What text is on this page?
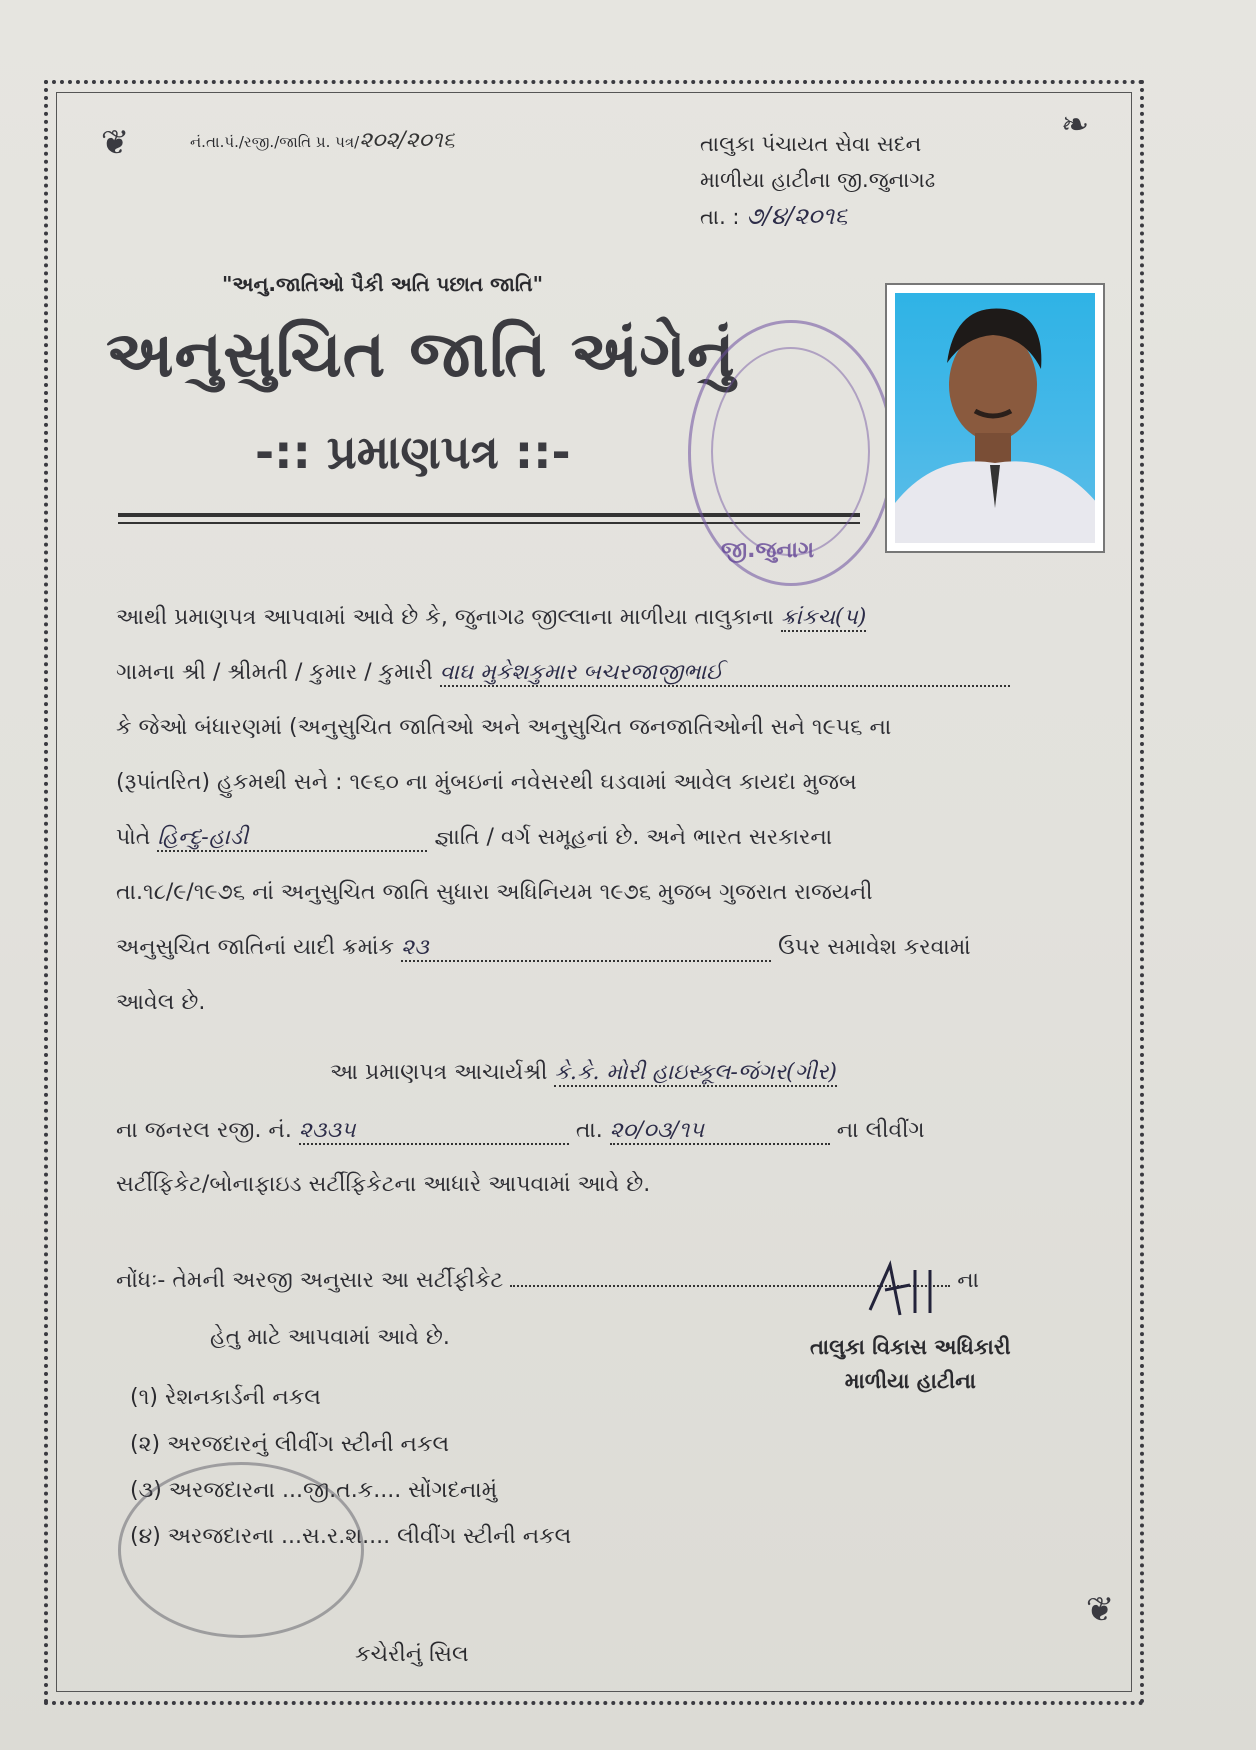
❦	❧
❦
નં.તા.પં./રજી./જાતિ પ્ર. પત્ર/૨૦૨/૨૦૧૬	તાલુકા પંચાયત સેવા સદન
માળીયા હાટીના જી.જુનાગઢ
તા. : ૭/૪/૨૦૧૬
"અનુ.જાતિઓ પૈકી અતિ પછાત જાતિ"
અનુસુચિત જાતિ અંગેનું
-:: પ્રમાણપત્ર ::-
જી.જુનાગ
આથી પ્રમાણપત્ર આપવામાં આવે છે કે, જુનાગઢ જીલ્લાના માળીયા તાલુકાના ક્રાંકચ(પ)
ગામના શ્રી / શ્રીમતી / કુમાર / કુમારી વાઘ મુકેશકુમાર બચરજાજીભાઈ
કે જેઓ બંધારણમાં (અનુસુચિત જાતિઓ અને અનુસુચિત જનજાતિઓની સને ૧૯૫૬ ના
(રૂપાંતરિત) હુકમથી સને : ૧૯૬૦ ના મુંબઇનાં નવેસરથી ઘડવામાં આવેલ કાયદા મુજબ
પોતે હિન્દુ-હાડી	જ્ઞાતિ / વર્ગ સમૂહનાં છે. અને ભારત સરકારના
તા.૧૮/૯/૧૯૭૬ નાં અનુસુચિત જાતિ સુધારા અધિનિયમ ૧૯૭૬ મુજબ ગુજરાત રાજયની
અનુસુચિત જાતિનાં યાદી ક્રમાંક ૨૩	ઉપર સમાવેશ કરવામાં
આવેલ છે.
આ પ્રમાણપત્ર આચાર્યશ્રી કે.કે. મોરી હાઇસ્કૂલ-જંગર(ગીર)
ના જનરલ રજી. નં. ૨૩૩૫	તા. ૨૦/૦૩/૧૫	ના લીવીંગ
સર્ટીફિકેટ/બોનાફાઇડ સર્ટીફિકેટના આધારે આપવામાં આવે છે.
નોંધઃ- તેમની અરજી અનુસાર આ સર્ટીફીકેટ	ના
હેતુ માટે આપવામાં આવે છે.	તાલુકા વિકાસ અધિકારી
માળીયા હાટીના
(૧) રેશનકાર્ડની નકલ
(૨) અરજદારનું લીવીંગ સ્ટીની નકલ
(૩) અરજદારના ...જી.ત.ક.... સોંગદનામું
(૪) અરજદારના ...સ.ર.શ.... લીવીંગ સ્ટીની નકલ
કચેરીનું સિલ
